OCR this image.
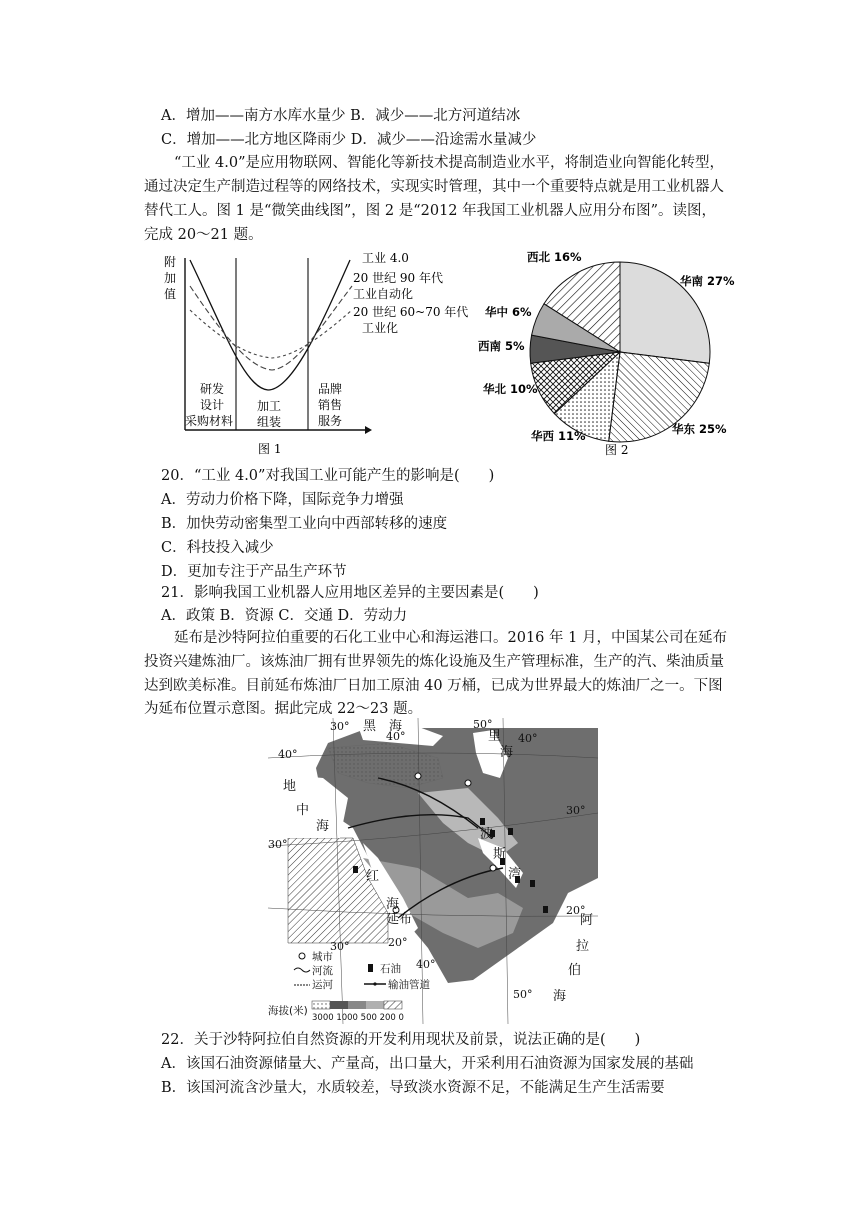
A．增加——南方水库水量少 B．减少——北方河道结冰
C．增加——北方地区降雨少 D．减少——沿途需水量减少
“工业 4.0”是应用物联网、智能化等新技术提高制造业水平，将制造业向智能化转型，
通过决定生产制造过程等的网络技术，实现实时管理，其中一个重要特点就是用工业机器人
替代工人。图 1 是“微笑曲线图”，图 2 是“2012 年我国工业机器人应用分布图”。读图，
完成 20～21 题。
附
加
值
工业 4.0
20 世纪 90 年代
工业自动化
20 世纪 60~70 年代
工业化
研发
设计
采购材料
加工
组装
品牌
销售
服务
图 1
西北 16%
华南 27%
华中 6%
西南 5%
华北 10%
华西 11%	华东 25%
图 2
20．“工业 4.0”对我国工业可能产生的影响是(　　)
A．劳动力价格下降，国际竞争力增强
B．加快劳动密集型工业向中西部转移的速度
C．科技投入减少
D．更加专注于产品生产环节
21．影响我国工业机器人应用地区差异的主要因素是(　　)
A．政策 B．资源 C．交通 D．劳动力
延布是沙特阿拉伯重要的石化工业中心和海运港口。2016 年 1 月，中国某公司在延布
投资兴建炼油厂。该炼油厂拥有世界领先的炼化设施及生产管理标准，生产的汽、柴油质量
达到欧美标准。目前延布炼油厂日加工原油 40 万桶，已成为世界最大的炼油厂之一。下图
为延布位置示意图。据此完成 22～23 题。
30° 黑　海
40°
50°
里
海
40°
40°
地
中
海
30°
30°
红
海
延布
波
斯
湾
20°
阿
拉
伯
海
20°
30°
40°
50°
城市
河流
运河
石油
输油管道
海拔(米)
3000 1000 500 200 0
22．关于沙特阿拉伯自然资源的开发利用现状及前景，说法正确的是(　　)
A．该国石油资源储量大、产量高，出口量大，开采利用石油资源为国家发展的基础
B．该国河流含沙量大，水质较差，导致淡水资源不足，不能满足生产生活需要
